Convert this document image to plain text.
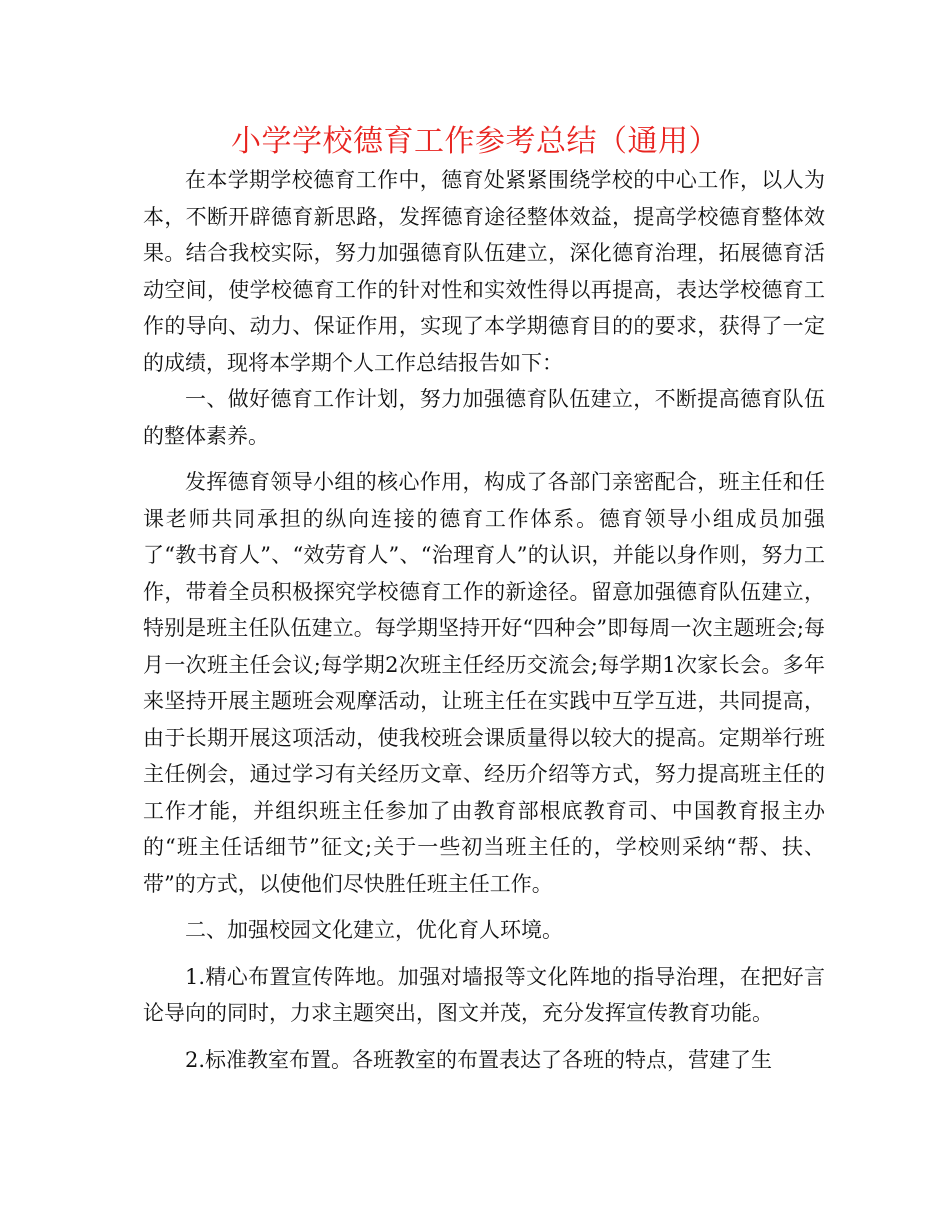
小学学校德育工作参考总结（通用）

在本学期学校德育工作中，德育处紧紧围绕学校的中心工作，以人为本，不断开辟德育新思路，发挥德育途径整体效益，提高学校德育整体效果。结合我校实际，努力加强德育队伍建立，深化德育治理，拓展德育活动空间，使学校德育工作的针对性和实效性得以再提高，表达学校德育工作的导向、动力、保证作用，实现了本学期德育目的的要求，获得了一定的成绩，现将本学期个人工作总结报告如下：

一、做好德育工作计划，努力加强德育队伍建立，不断提高德育队伍的整体素养。

发挥德育领导小组的核心作用，构成了各部门亲密配合，班主任和任课老师共同承担的纵向连接的德育工作体系。德育领导小组成员加强了“教书育人”、“效劳育人”、“治理育人”的认识，并能以身作则，努力工作，带着全员积极探究学校德育工作的新途径。留意加强德育队伍建立，特别是班主任队伍建立。每学期坚持开好“四种会”即每周一次主题班会;每月一次班主任会议;每学期2次班主任经历交流会;每学期1次家长会。多年来坚持开展主题班会观摩活动，让班主任在实践中互学互进，共同提高，由于长期开展这项活动，使我校班会课质量得以较大的提高。定期举行班主任例会，通过学习有关经历文章、经历介绍等方式，努力提高班主任的工作才能，并组织班主任参加了由教育部根底教育司、中国教育报主办的“班主任话细节”征文;关于一些初当班主任的，学校则采纳“帮、扶、带”的方式，以使他们尽快胜任班主任工作。

二、加强校园文化建立，优化育人环境。

1.精心布置宣传阵地。加强对墙报等文化阵地的指导治理，在把好言论导向的同时，力求主题突出，图文并茂，充分发挥宣传教育功能。

2.标准教室布置。各班教室的布置表达了各班的特点，营建了生
